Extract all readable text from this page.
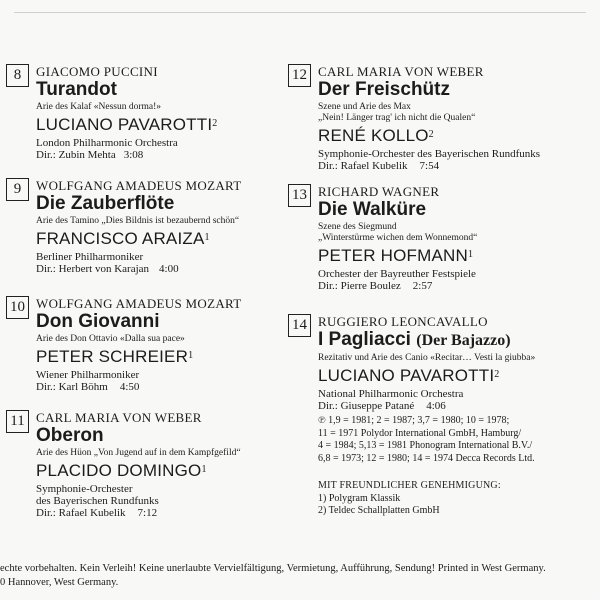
8	GIACOMO PUCCINI
Turandot
Arie des Kalaf «Nessun dorma!»
LUCIANO PAVAROTTI$^2$
London Philharmonic Orchestra
Dir.: Zubin Mehta 3:08
9	WOLFGANG AMADEUS MOZART
Die Zauberflöte
Arie des Tamino „Dies Bildnis ist bezaubernd schön“
FRANCISCO ARAIZA$^1$
Berliner Philharmoniker
Dir.: Herbert von Karajan 4:00
10 WOLFGANG AMADEUS MOZART
Don Giovanni
Arie des Don Ottavio «Dalla sua pace»
PETER SCHREIER$^1$
Wiener Philharmoniker
Dir.: Karl Böhm 4:50
11 CARL MARIA VON WEBER
Oberon
Arie des Hüon „Von Jugend auf in dem Kampfgefild“
PLACIDO DOMINGO$^1$
Symphonie-Orchester
des Bayerischen Rundfunks
Dir.: Rafael Kubelik 7:12
12 CARL MARIA VON WEBER
Der Freischütz
Szene und Arie des Max
„Nein! Länger trag' ich nicht die Qualen“
RENÉ KOLLO$^2$
Symphonie-Orchester des Bayerischen Rundfunks
Dir.: Rafael Kubelik 7:54
13 RICHARD WAGNER
Die Walküre
Szene des Siegmund
„Winterstürme wichen dem Wonnemond“
PETER HOFMANN$^1$
Orchester der Bayreuther Festspiele
Dir.: Pierre Boulez 2:57
14 RUGGIERO LEONCAVALLO
I Pagliacci (Der Bajazzo)
Rezitativ und Arie des Canio «Recitar… Vesti la giubba»
LUCIANO PAVAROTTI$^2$
National Philharmonic Orchestra
Dir.: Giuseppe Patané 4:06
℗ 1,9 = 1981; 2 = 1987; 3,7 = 1980; 10 = 1978;
11 = 1971 Polydor International GmbH, Hamburg/
4 = 1984; 5,13 = 1981 Phonogram International B.V./
6,8 = 1973; 12 = 1980; 14 = 1974 Decca Records Ltd.
MIT FREUNDLICHER GENEHMIGUNG:
1) Polygram Klassik
2) Teldec Schallplatten GmbH
echte vorbehalten. Kein Verleih! Keine unerlaubte Vervielfältigung, Vermietung, Aufführung, Sendung! Printed in West Germany.
0 Hannover, West Germany.
